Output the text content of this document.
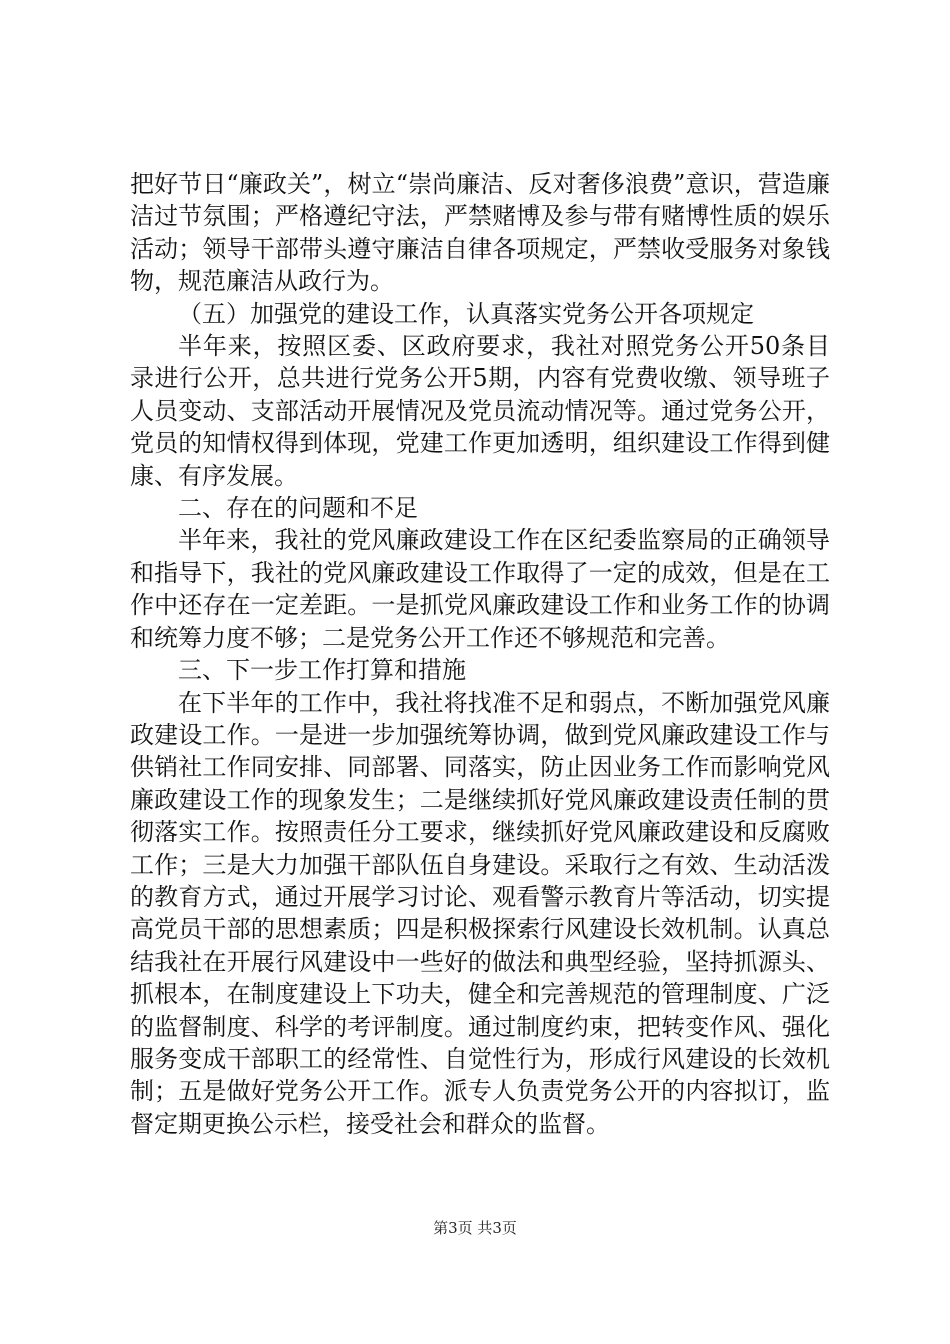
把好节日“廉政关”，树立“崇尚廉洁、反对奢侈浪费”意识，营造廉洁过节氛围；严格遵纪守法，严禁赌博及参与带有赌博性质的娱乐活动；领导干部带头遵守廉洁自律各项规定，严禁收受服务对象钱物，规范廉洁从政行为。

（五）加强党的建设工作，认真落实党务公开各项规定

半年来，按照区委、区政府要求，我社对照党务公开50条目录进行公开，总共进行党务公开5期，内容有党费收缴、领导班子人员变动、支部活动开展情况及党员流动情况等。通过党务公开，党员的知情权得到体现，党建工作更加透明，组织建设工作得到健康、有序发展。

二、存在的问题和不足

半年来，我社的党风廉政建设工作在区纪委监察局的正确领导和指导下，我社的党风廉政建设工作取得了一定的成效，但是在工作中还存在一定差距。一是抓党风廉政建设工作和业务工作的协调和统筹力度不够；二是党务公开工作还不够规范和完善。

三、下一步工作打算和措施

在下半年的工作中，我社将找准不足和弱点，不断加强党风廉政建设工作。一是进一步加强统筹协调，做到党风廉政建设工作与供销社工作同安排、同部署、同落实，防止因业务工作而影响党风廉政建设工作的现象发生；二是继续抓好党风廉政建设责任制的贯彻落实工作。按照责任分工要求，继续抓好党风廉政建设和反腐败工作；三是大力加强干部队伍自身建设。采取行之有效、生动活泼的教育方式，通过开展学习讨论、观看警示教育片等活动，切实提高党员干部的思想素质；四是积极探索行风建设长效机制。认真总结我社在开展行风建设中一些好的做法和典型经验，坚持抓源头、抓根本，在制度建设上下功夫，健全和完善规范的管理制度、广泛的监督制度、科学的考评制度。通过制度约束，把转变作风、强化服务变成干部职工的经常性、自觉性行为，形成行风建设的长效机制；五是做好党务公开工作。派专人负责党务公开的内容拟订，监督定期更换公示栏，接受社会和群众的监督。

第3页 共3页
